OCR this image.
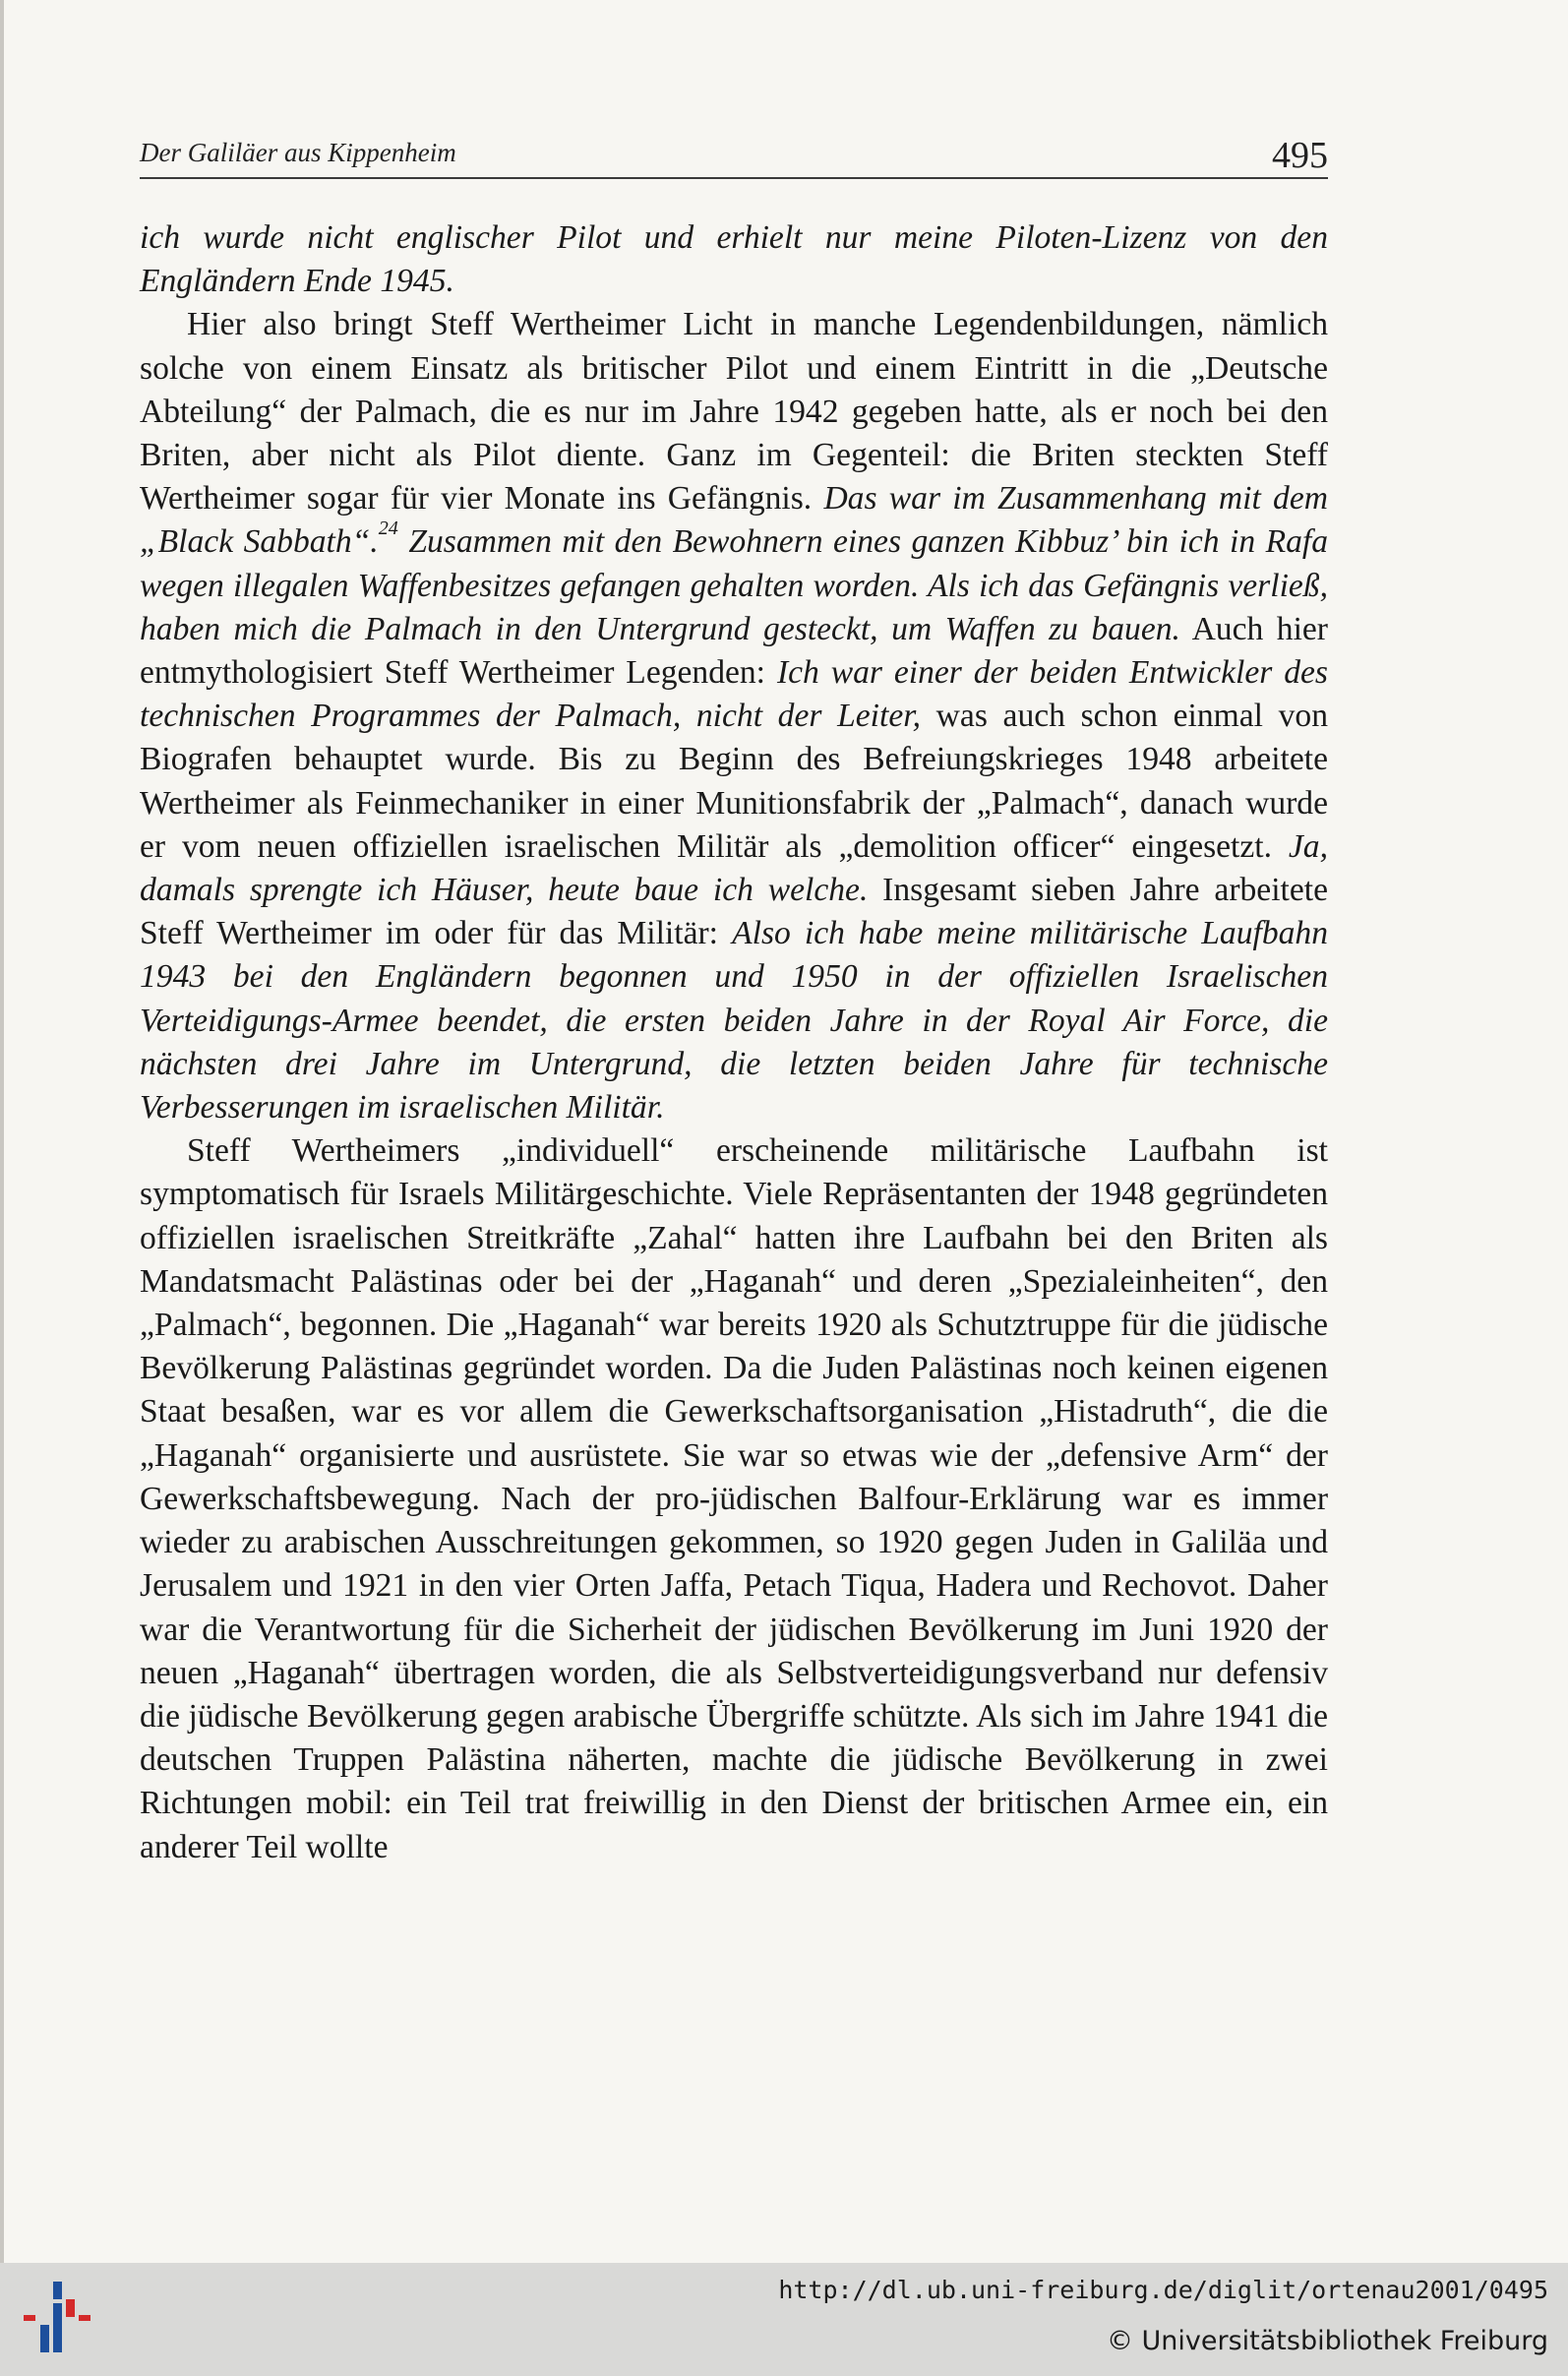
Der Galiläer aus Kippenheim	495

ich wurde nicht englischer Pilot und erhielt nur meine Piloten-Lizenz von den Engländern Ende 1945.

Hier also bringt Steff Wertheimer Licht in manche Legendenbildungen, nämlich solche von einem Einsatz als britischer Pilot und einem Eintritt in die „Deutsche Abteilung“ der Palmach, die es nur im Jahre 1942 gegeben hatte, als er noch bei den Briten, aber nicht als Pilot diente. Ganz im Gegenteil: die Briten steckten Steff Wertheimer sogar für vier Monate ins Gefängnis. Das war im Zusammenhang mit dem „Black Sabbath“.$^{24}$ Zusammen mit den Bewohnern eines ganzen Kibbuz’ bin ich in Rafa wegen illegalen Waffenbesitzes gefangen gehalten worden. Als ich das Gefängnis verließ, haben mich die Palmach in den Untergrund gesteckt, um Waffen zu bauen. Auch hier entmythologisiert Steff Wertheimer Legenden: Ich war einer der beiden Entwickler des technischen Programmes der Palmach, nicht der Leiter, was auch schon einmal von Biografen behauptet wurde. Bis zu Beginn des Befreiungskrieges 1948 arbeitete Wertheimer als Feinmechaniker in einer Munitionsfabrik der „Palmach“, danach wurde er vom neuen offiziellen israelischen Militär als „demolition officer“ eingesetzt. Ja, damals sprengte ich Häuser, heute baue ich welche. Insgesamt sieben Jahre arbeitete Steff Wertheimer im oder für das Militär: Also ich habe meine militärische Laufbahn 1943 bei den Engländern begonnen und 1950 in der offiziellen Israelischen Verteidigungs-Armee beendet, die ersten beiden Jahre in der Royal Air Force, die nächsten drei Jahre im Untergrund, die letzten beiden Jahre für technische Verbesserungen im israelischen Militär.

Steff Wertheimers „individuell“ erscheinende militärische Laufbahn ist symptomatisch für Israels Militärgeschichte. Viele Repräsentanten der 1948 gegründeten offiziellen israelischen Streitkräfte „Zahal“ hatten ihre Laufbahn bei den Briten als Mandatsmacht Palästinas oder bei der „Haganah“ und deren „Spezialeinheiten“, den „Palmach“, begonnen. Die „Haganah“ war bereits 1920 als Schutztruppe für die jüdische Bevölkerung Palästinas gegründet worden. Da die Juden Palästinas noch keinen eigenen Staat besaßen, war es vor allem die Gewerkschaftsorganisation „Histadruth“, die die „Haganah“ organisierte und ausrüstete. Sie war so etwas wie der „defensive Arm“ der Gewerkschaftsbewegung. Nach der pro-jüdischen Balfour-Erklärung war es immer wieder zu arabischen Ausschreitungen gekommen, so 1920 gegen Juden in Galiläa und Jerusalem und 1921 in den vier Orten Jaffa, Petach Tiqua, Hadera und Rechovot. Daher war die Verantwortung für die Sicherheit der jüdischen Bevölkerung im Juni 1920 der neuen „Haganah“ übertragen worden, die als Selbstverteidigungsverband nur defensiv die jüdische Bevölkerung gegen arabische Übergriffe schützte. Als sich im Jahre 1941 die deutschen Truppen Palästina näherten, machte die jüdische Bevölkerung in zwei Richtungen mobil: ein Teil trat freiwillig in den Dienst der britischen Armee ein, ein anderer Teil wollte

http://dl.ub.uni-freiburg.de/diglit/ortenau2001/0495
© Universitätsbibliothek Freiburg
